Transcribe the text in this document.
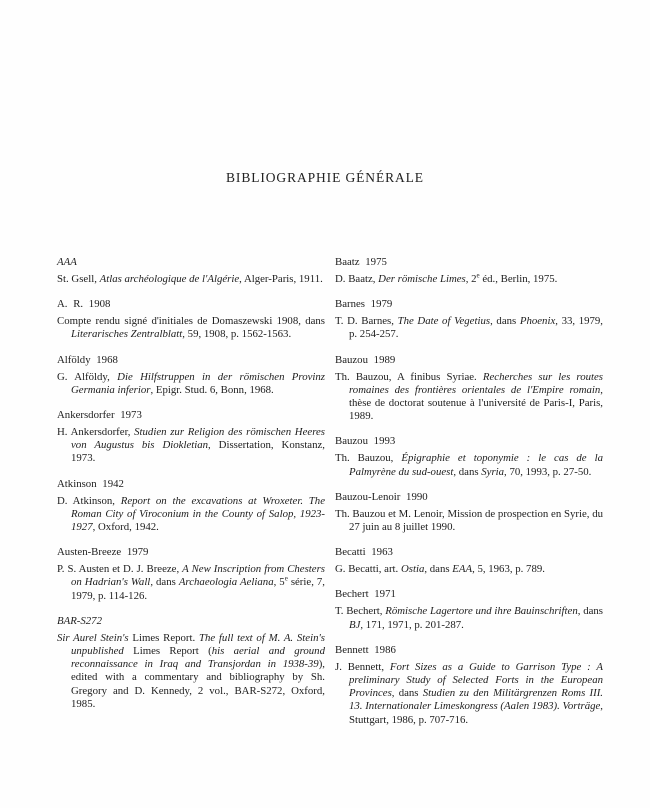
BIBLIOGRAPHIE GÉNÉRALE
AAA

St. Gsell, Atlas archéologique de l'Algérie, Alger-Paris, 1911.

A. R. 1908

Compte rendu signé d'initiales de Domaszewski 1908, dans Literarisches Zentralblatt, 59, 1908, p. 1562-1563.

Alföldy 1968

G. Alföldy, Die Hilfstruppen in der römischen Provinz Germania inferior, Epigr. Stud. 6, Bonn, 1968.

Ankersdorfer 1973

H. Ankersdorfer, Studien zur Religion des römischen Heeres von Augustus bis Diokletian, Dissertation, Konstanz, 1973.

Atkinson 1942

D. Atkinson, Report on the excavations at Wroxeter. The Roman City of Viroconium in the County of Salop, 1923-1927, Oxford, 1942.

Austen-Breeze 1979

P. S. Austen et D. J. Breeze, A New Inscription from Chesters on Hadrian's Wall, dans Archaeologia Aeliana, 5e série, 7, 1979, p. 114-126.

BAR-S272

Sir Aurel Stein's Limes Report. The full text of M. A. Stein's unpublished Limes Report (his aerial and ground reconnaissance in Iraq and Transjordan in 1938-39), edited with a commentary and bibliography by Sh. Gregory and D. Kennedy, 2 vol., BAR-S272, Oxford, 1985.

Baatz 1975

D. Baatz, Der römische Limes, 2e éd., Berlin, 1975.

Barnes 1979

T. D. Barnes, The Date of Vegetius, dans Phoenix, 33, 1979, p. 254-257.

Bauzou 1989

Th. Bauzou, A finibus Syriae. Recherches sur les routes romaines des frontières orientales de l'Empire romain, thèse de doctorat soutenue à l'université de Paris-I, Paris, 1989.

Bauzou 1993

Th. Bauzou, Épigraphie et toponymie : le cas de la Palmyrène du sud-ouest, dans Syria, 70, 1993, p. 27-50.

Bauzou-Lenoir 1990

Th. Bauzou et M. Lenoir, Mission de prospection en Syrie, du 27 juin au 8 juillet 1990.

Becatti 1963

G. Becatti, art. Ostia, dans EAA, 5, 1963, p. 789.

Bechert 1971

T. Bechert, Römische Lagertore und ihre Bauinschriften, dans BJ, 171, 1971, p. 201-287.

Bennett 1986

J. Bennett, Fort Sizes as a Guide to Garrison Type : A preliminary Study of Selected Forts in the European Provinces, dans Studien zu den Militärgrenzen Roms III. 13. Internationaler Limeskongress (Aalen 1983). Vorträge, Stuttgart, 1986, p. 707-716.
